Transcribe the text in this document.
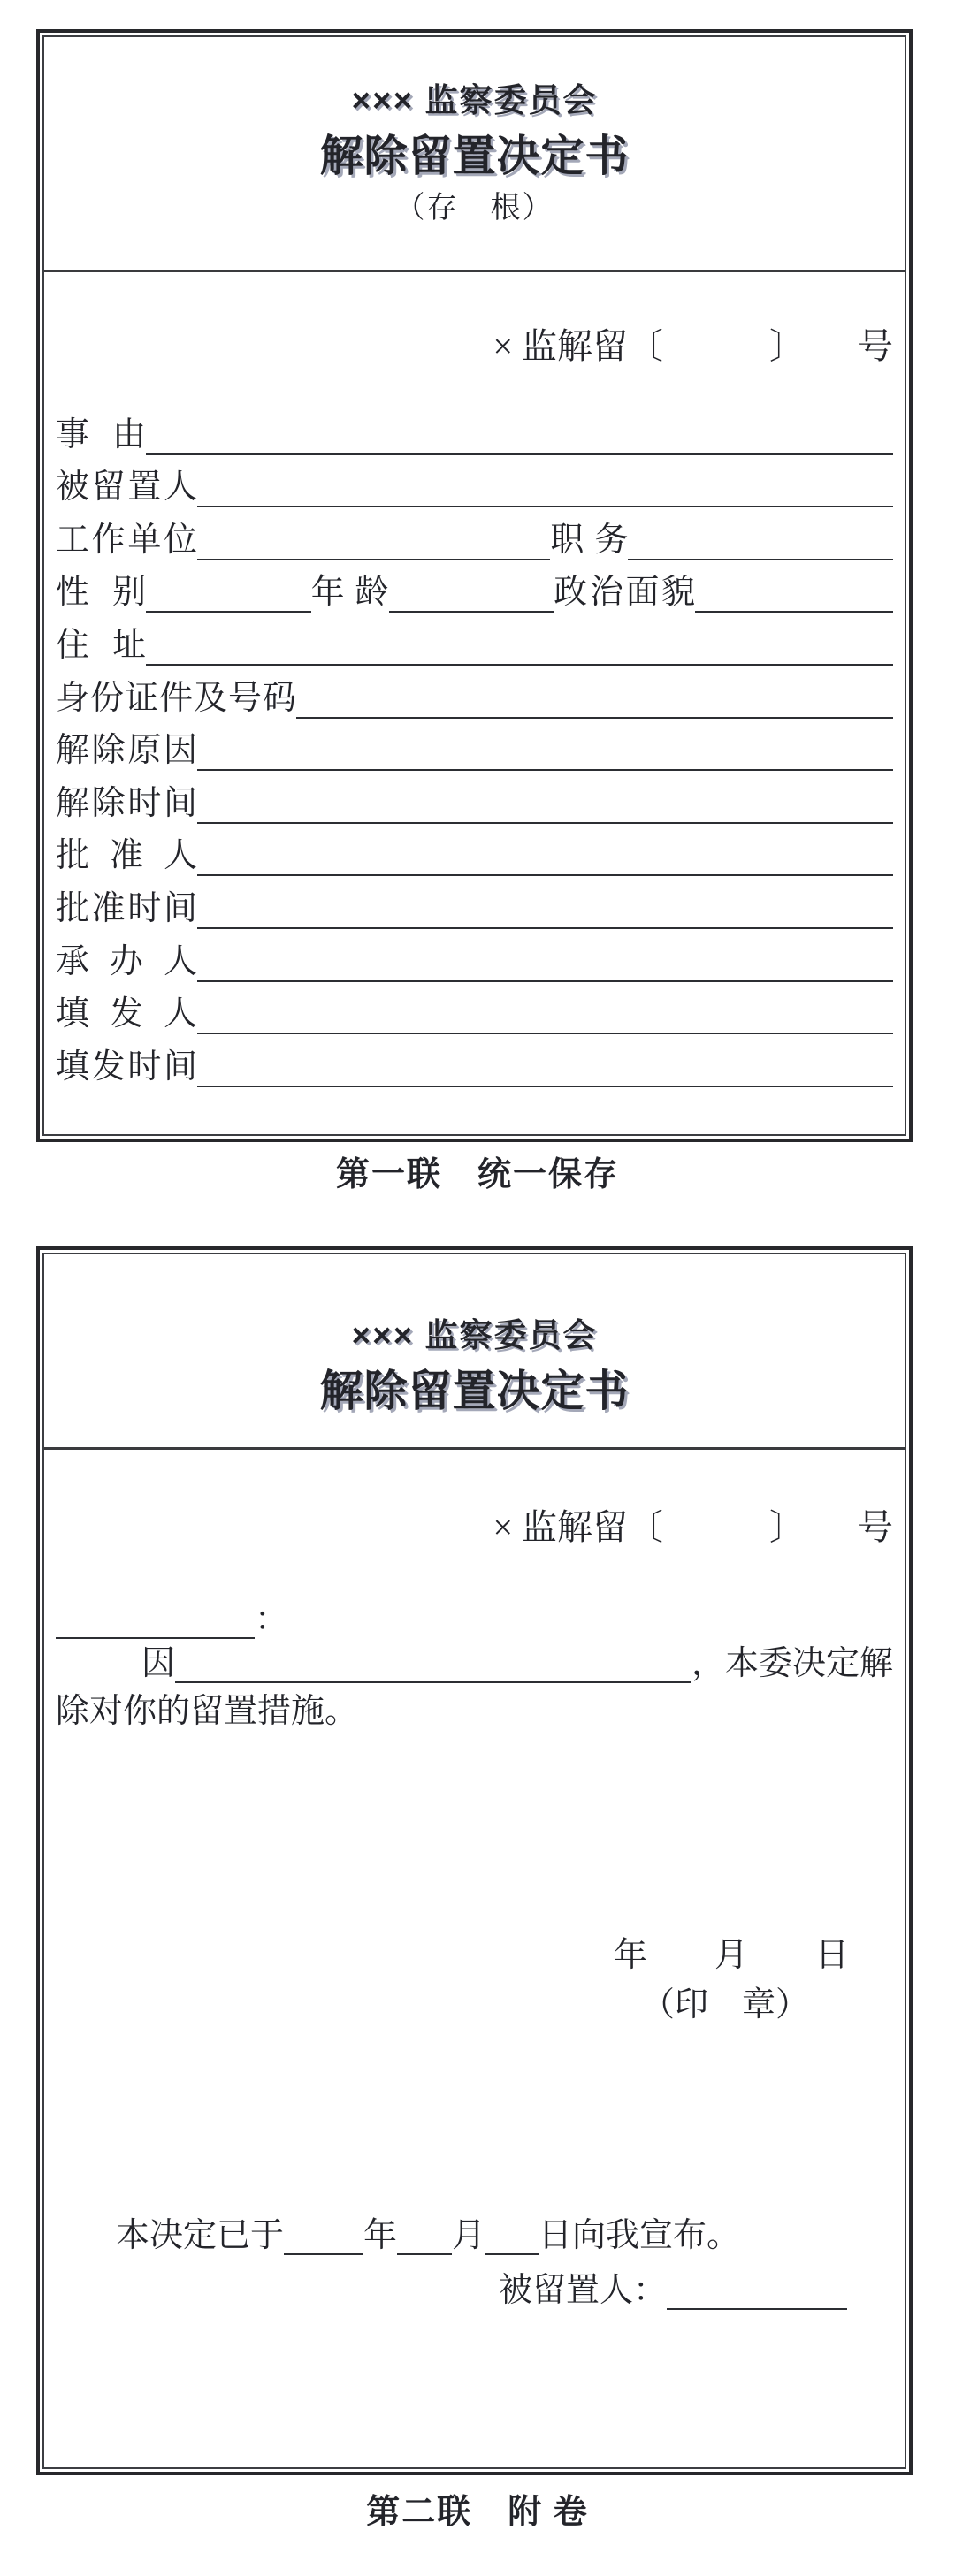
××× 监察委员会
解除留置决定书
（存　根）
× 监解留〔　　　〕　　号
事 由
被留置人
工作单位	职 务
性 别	年 龄	政治面貌
住 址
身份证件及号码
解除原因
解除时间
批 准 人
批准时间
承 办 人
填 发 人
填发时间
第一联　统一保存
××× 监察委员会
解除留置决定书
× 监解留〔　　　〕　　号
：
因	，本委决定解
除对你的留置措施。
年　　月　　日
（印　章）
本决定已于 年 月 日向我宣布。
被留置人：
第二联　附 卷
